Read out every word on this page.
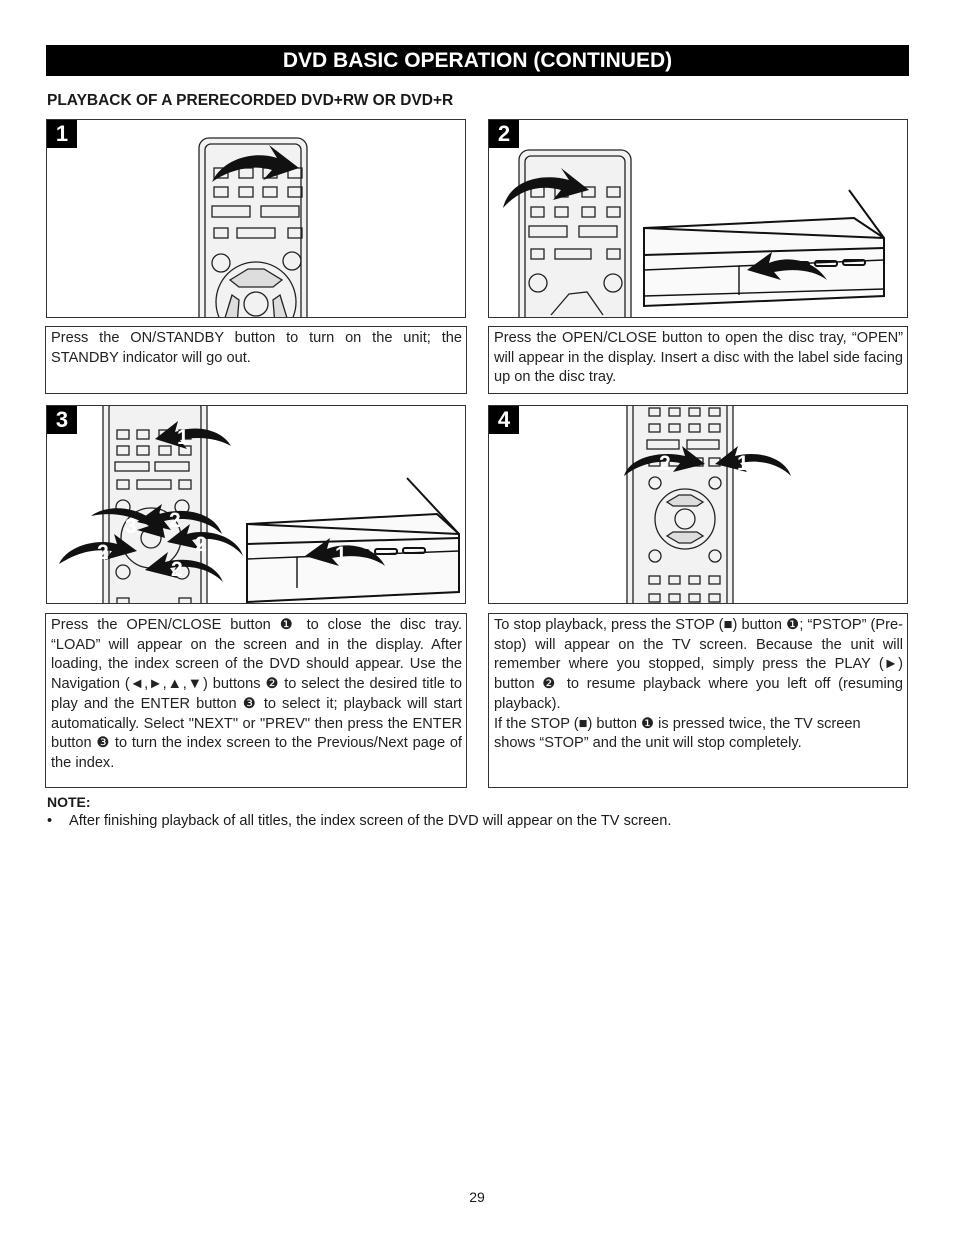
DVD BASIC OPERATION (CONTINUED)
PLAYBACK OF A PRERECORDED DVD+RW OR DVD+R
1	2

Press the ON/STANDBY button to turn on the unit; the STANDBY indicator will go out.

Press the OPEN/CLOSE button to open the disc tray, “OPEN” will appear in the display. Insert a disc with the label side facing up on the disc tray.

3
1
2
3
2
2
2	1
4
2	1

Press the OPEN/CLOSE button ❶ to close the disc tray. “LOAD” will appear on the screen and in the display. After loading, the index screen of the DVD should appear. Use the Navigation (◄,►,▲,▼) buttons ❷ to select the desired title to play and the ENTER button ❸ to select it; playback will start automatically. Select "NEXT" or "PREV" then press the ENTER button ❸ to turn the index screen to the Previous/Next page of the index.

To stop playback, press the STOP (■) button ❶; “PSTOP” (Pre-stop) will appear on the TV screen. Because the unit will remember where you stopped, simply press the PLAY (►) button ❷ to resume playback where you left off (resuming playback).

If the STOP (■) button ❶ is pressed twice, the TV screen shows “STOP” and the unit will stop completely.

NOTE:
• After finishing playback of all titles, the index screen of the DVD will appear on the TV screen.
29
